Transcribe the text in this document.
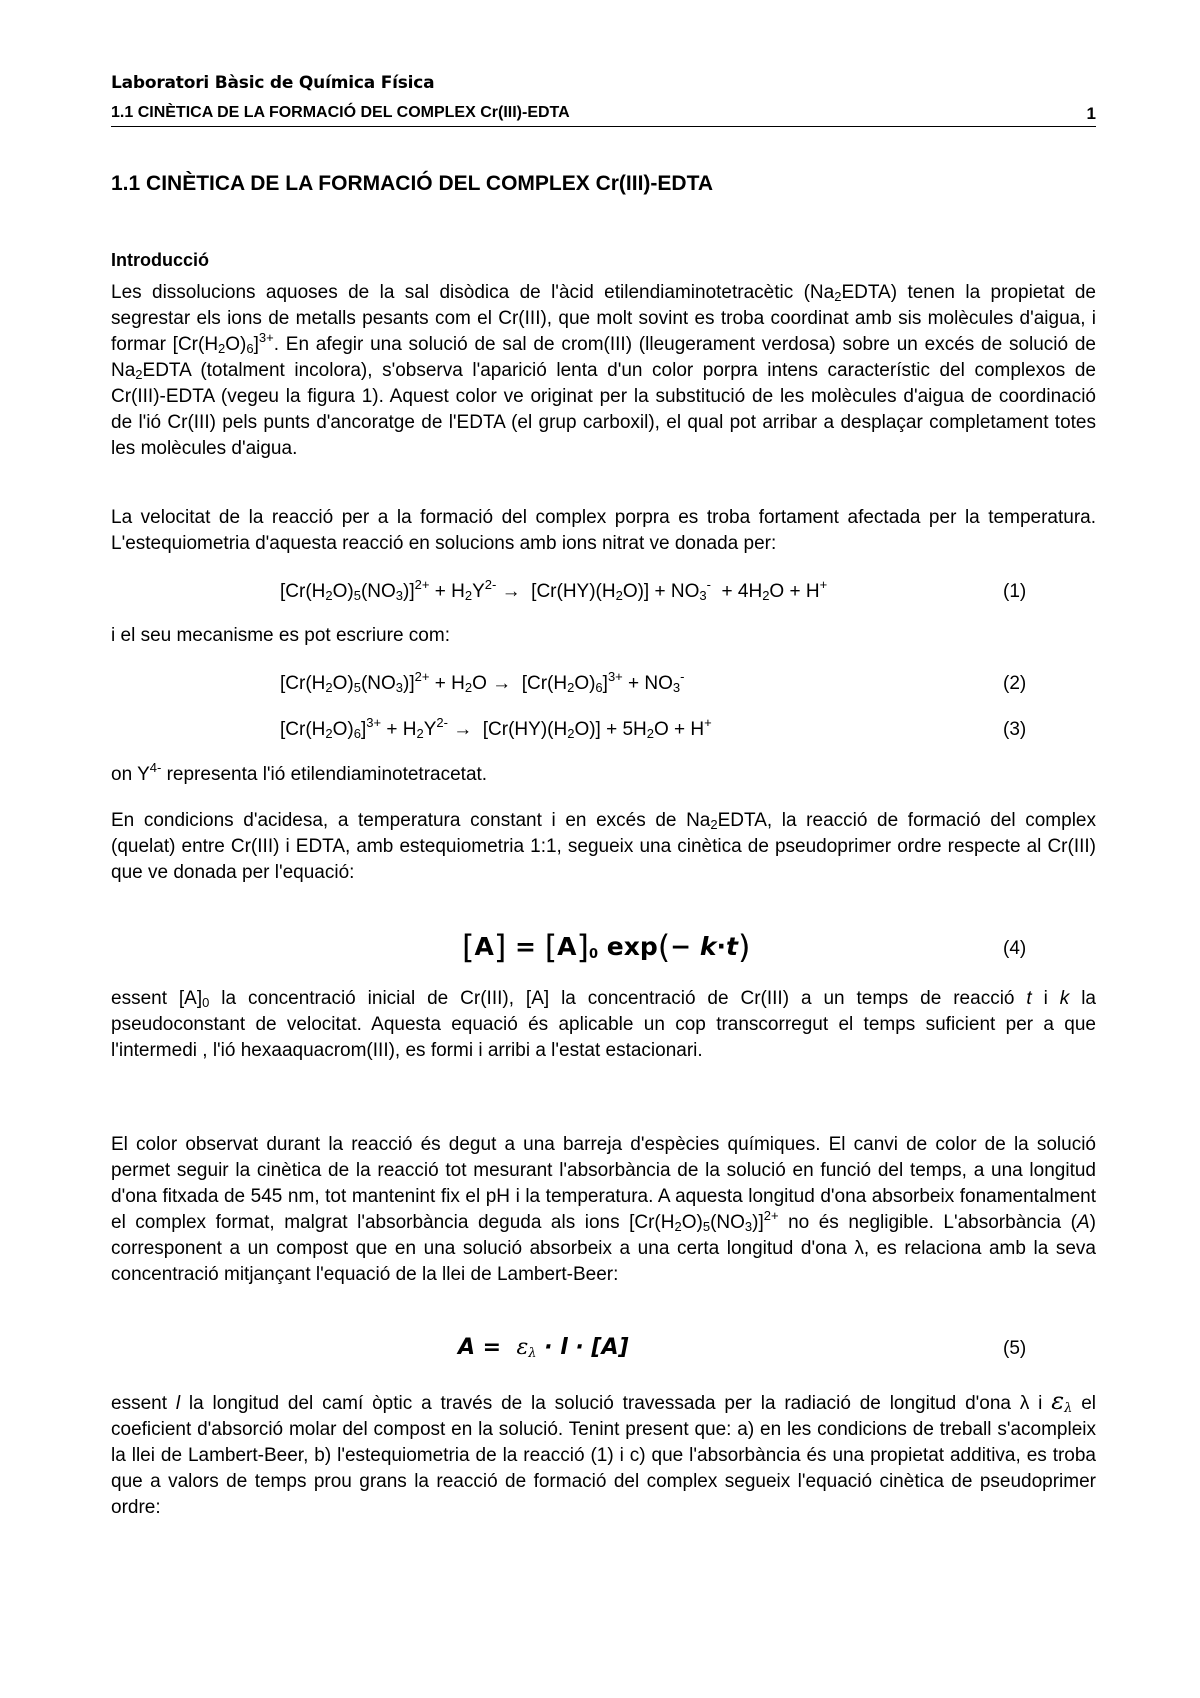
Laboratori Bàsic de Química Física
1.1 CINÈTICA DE LA FORMACIÓ DEL COMPLEX Cr(III)-EDTA	1
1.1 CINÈTICA DE LA FORMACIÓ DEL COMPLEX Cr(III)-EDTA
Introducció

Les dissolucions aquoses de la sal disòdica de l'àcid etilendiaminotetracètic $(Na_2EDTA)$ tenen la propietat de segrestar els ions de metalls pesants com el Cr(III), que molt sovint es troba coordinat amb sis molècules d'aigua, i formar $[Cr(H_2O)_6]^{3+}$. En afegir una solució de sal de crom(III) (lleugerament verdosa) sobre un excés de solució de $Na_2EDTA$ (totalment incolora), s'observa l'aparició lenta d'un color porpra intens característic del complexos de Cr(III)-EDTA (vegeu la figura 1). Aquest color ve originat per la substitució de les molècules d'aigua de coordinació de l'ió Cr(III) pels punts d'ancoratge de l'EDTA (el grup carboxil), el qual pot arribar a desplaçar completament totes les molècules d'aigua.

La velocitat de la reacció per a la formació del complex porpra es troba fortament afectada per la temperatura. L'estequiometria d'aquesta reacció en solucions amb ions nitrat ve donada per:

$[Cr(H_2O)_5(NO_3)]^{2+} + H_2Y^{2-} \to [Cr(HY)(H_2O)] + NO_3^- + 4H_2O + H^+$	(1)

i el seu mecanisme es pot escriure com:

$[Cr(H_2O)_5(NO_3)]^{2+} + H_2O \to [Cr(H_2O)_6]^{3+} + NO_3^-$	(2)
$[Cr(H_2O)_6]^{3+} + H_2Y^{2-} \to [Cr(HY)(H_2O)] + 5H_2O + H^+$	(3)

on $Y^{4-}$ representa l'ió etilendiaminotetracetat.

En condicions d'acidesa, a temperatura constant i en excés de $Na_2EDTA$, la reacció de formació del complex (quelat) entre Cr(III) i EDTA, amb estequiometria 1:1, segueix una cinètica de pseudoprimer ordre respecte al Cr(III) que ve donada per l'equació:

$[A] = [A]_0$ exp(− k·t)	(4)

essent $[A]_0$ la concentració inicial de Cr(III), [A] la concentració de Cr(III) a un temps de reacció t i k la pseudoconstant de velocitat. Aquesta equació és aplicable un cop transcorregut el temps suficient per a que l'intermedi , l'ió hexaaquacrom(III), es formi i arribi a l'estat estacionari.

El color observat durant la reacció és degut a una barreja d'espècies químiques. El canvi de color de la solució permet seguir la cinètica de la reacció tot mesurant l'absorbància de la solució en funció del temps, a una longitud d'ona fitxada de 545 nm, tot mantenint fix el pH i la temperatura. A aquesta longitud d'ona absorbeix fonamentalment el complex format, malgrat l'absorbància deguda als ions $[Cr(H_2O)_5(NO_3)]^{2+}$ no és negligible. L'absorbància (A) corresponent a un compost que en una solució absorbeix a una certa longitud d'ona λ, es relaciona amb la seva concentració mitjançant l'equació de la llei de Lambert-Beer:

$A = \varepsilon_\lambda \cdot l \cdot [A]$	(5)

essent l la longitud del camí òptic a través de la solució travessada per la radiació de longitud d'ona λ i $\varepsilon_\lambda$ el coeficient d'absorció molar del compost en la solució. Tenint present que: a) en les condicions de treball s'acompleix la llei de Lambert-Beer, b) l'estequiometria de la reacció (1) i c) que l'absorbància és una propietat additiva, es troba que a valors de temps prou grans la reacció de formació del complex segueix l'equació cinètica de pseudoprimer ordre:
